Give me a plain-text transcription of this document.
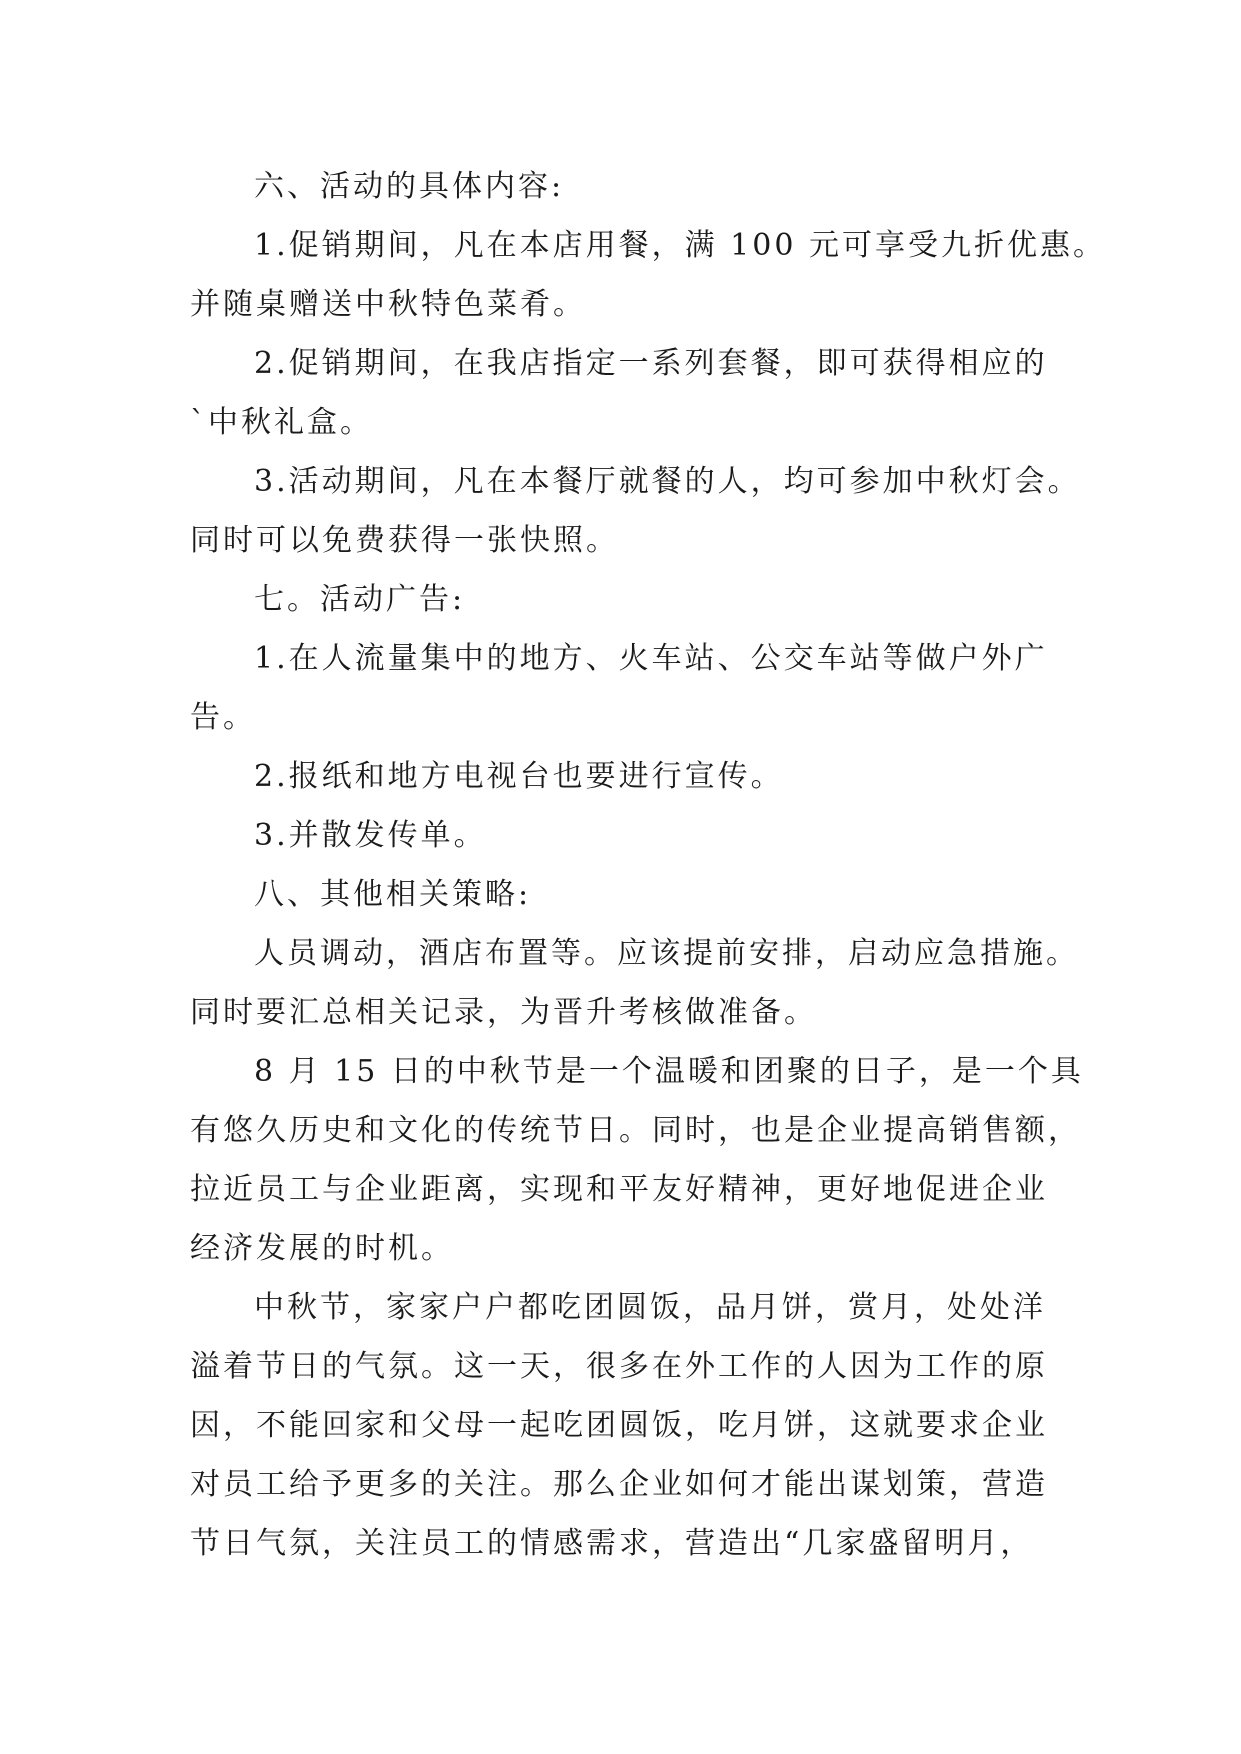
六、活动的具体内容:
1.促销期间，凡在本店用餐，满 100 元可享受九折优惠。
并随桌赠送中秋特色菜肴。
2.促销期间，在我店指定一系列套餐，即可获得相应的
`中秋礼盒。
3.活动期间，凡在本餐厅就餐的人，均可参加中秋灯会。
同时可以免费获得一张快照。
七。活动广告:
1.在人流量集中的地方、火车站、公交车站等做户外广
告。
2.报纸和地方电视台也要进行宣传。
3.并散发传单。
八、其他相关策略:
人员调动，酒店布置等。应该提前安排，启动应急措施。
同时要汇总相关记录，为晋升考核做准备。
8 月 15 日的中秋节是一个温暖和团聚的日子，是一个具
有悠久历史和文化的传统节日。同时，也是企业提高销售额，
拉近员工与企业距离，实现和平友好精神，更好地促进企业
经济发展的时机。
中秋节，家家户户都吃团圆饭，品月饼，赏月，处处洋
溢着节日的气氛。这一天，很多在外工作的人因为工作的原
因，不能回家和父母一起吃团圆饭，吃月饼，这就要求企业
对员工给予更多的关注。那么企业如何才能出谋划策，营造
节日气氛，关注员工的情感需求，营造出“几家盛留明月，
